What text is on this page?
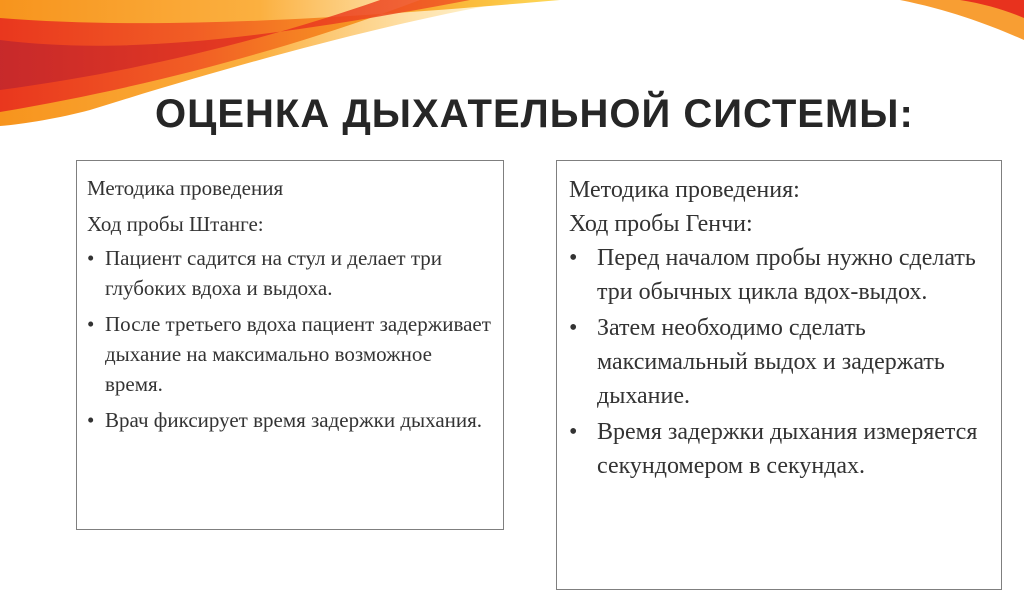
ОЦЕНКА ДЫХАТЕЛЬНОЙ СИСТЕМЫ:

Методика проведения

Ход пробы Штанге:

• Пациент садится на стул и делает три глубоких вдоха и выдоха.
• После третьего вдоха пациент задерживает дыхание на максимально возможное время.
• Врач фиксирует время задержки дыхания.

Методика проведения:

Ход пробы Генчи:

• Перед началом пробы нужно сделать три обычных цикла вдох-выдох.
• Затем необходимо сделать максимальный выдох и задержать дыхание.
• Время задержки дыхания измеряется секундомером в секундах.
